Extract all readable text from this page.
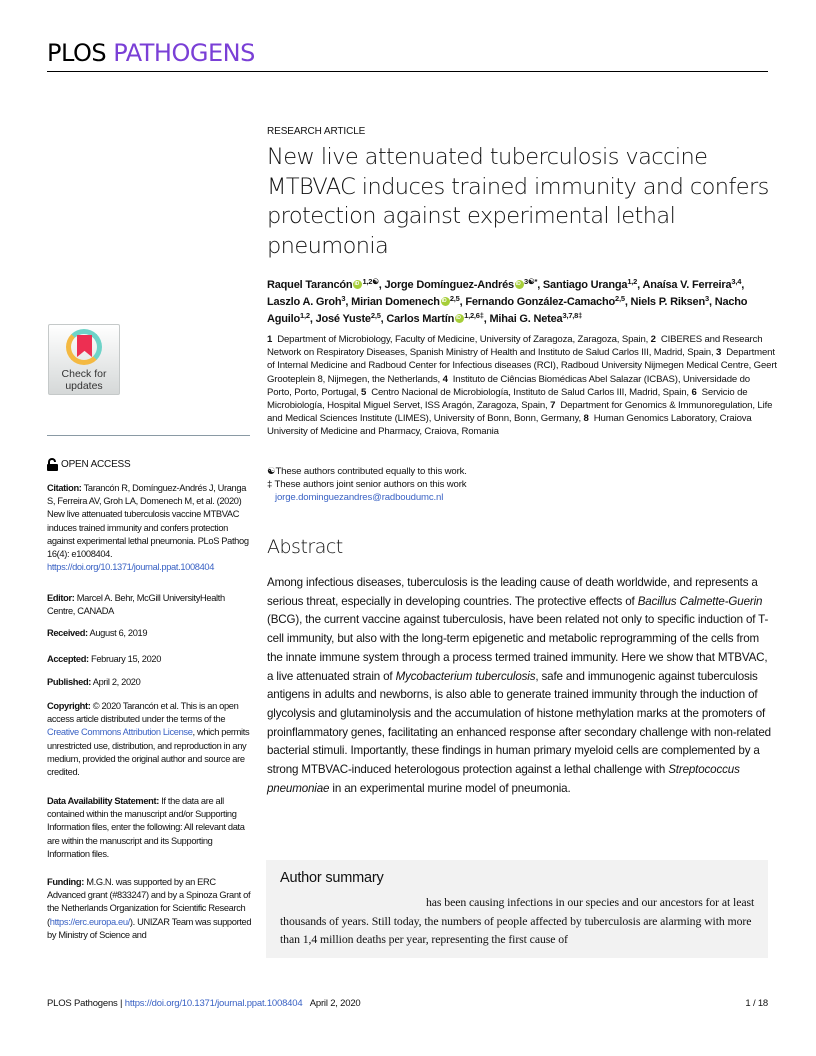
PLOS PATHOGENS
Check for updates
OPEN ACCESS
Citation: Tarancón R, Domínguez-Andrés J, Uranga S, Ferreira AV, Groh LA, Domenech M, et al. (2020) New live attenuated tuberculosis vaccine MTBVAC induces trained immunity and confers protection against experimental lethal pneumonia. PLoS Pathog 16(4): e1008404. https://doi.org/10.1371/journal.ppat.1008404
Editor: Marcel A. Behr, McGill UniversityHealth Centre, CANADA
Received: August 6, 2019
Accepted: February 15, 2020
Published: April 2, 2020
Copyright: © 2020 Tarancón et al. This is an open access article distributed under the terms of the Creative Commons Attribution License, which permits unrestricted use, distribution, and reproduction in any medium, provided the original author and source are credited.
Data Availability Statement: If the data are all contained within the manuscript and/or Supporting Information files, enter the following: All relevant data are within the manuscript and its Supporting Information files.
Funding: M.G.N. was supported by an ERC Advanced grant (#833247) and by a Spinoza Grant of the Netherlands Organization for Scientific Research (https://erc.europa.eu/). UNIZAR Team was supported by Ministry of Science and
RESEARCH ARTICLE
New live attenuated tuberculosis vaccine MTBVAC induces trained immunity and confers protection against experimental lethal pneumonia
Raquel Tarancón iD $^{1,2☯}$, Jorge Domínguez-Andrés iD $^{3☯*}$, Santiago Uranga$^{1,2}$, Anaísa V. Ferreira$^{3,4}$, Laszlo A. Groh$^3$, Mirian Domenech iD $^{2,5}$, Fernando González-Camacho$^{2,5}$, Niels P. Riksen$^3$, Nacho Aguilo$^{1,2}$, José Yuste$^{2,5}$, Carlos Martín iD $^{1,2,6\ddagger}$, Mihai G. Netea$^{3,7,8\ddagger}$
1 Department of Microbiology, Faculty of Medicine, University of Zaragoza, Zaragoza, Spain, 2 CIBERES and Research Network on Respiratory Diseases, Spanish Ministry of Health and Instituto de Salud Carlos III, Madrid, Spain, 3 Department of Internal Medicine and Radboud Center for Infectious diseases (RCI), Radboud University Nijmegen Medical Centre, Geert Grooteplein 8, Nijmegen, the Netherlands, 4 Instituto de Ciências Biomédicas Abel Salazar (ICBAS), Universidade do Porto, Porto, Portugal, 5 Centro Nacional de Microbiología, Instituto de Salud Carlos III, Madrid, Spain, 6 Servicio de Microbiología, Hospital Miguel Servet, ISS Aragón, Zaragoza, Spain, 7 Department for Genomics & Immunoregulation, Life and Medical Sciences Institute (LIMES), University of Bonn, Bonn, Germany, 8 Human Genomics Laboratory, Craiova University of Medicine and Pharmacy, Craiova, Romania
☯These authors contributed equally to this work.
‡ These authors joint senior authors on this work
jorge.dominguezandres@radboudumc.nl
Abstract

Among infectious diseases, tuberculosis is the leading cause of death worldwide, and represents a serious threat, especially in developing countries. The protective effects of Bacillus Calmette-Guerin (BCG), the current vaccine against tuberculosis, have been related not only to specific induction of T-cell immunity, but also with the long-term epigenetic and metabolic reprogramming of the cells from the innate immune system through a process termed trained immunity. Here we show that MTBVAC, a live attenuated strain of Mycobacterium tuberculosis, safe and immunogenic against tuberculosis antigens in adults and newborns, is also able to generate trained immunity through the induction of glycolysis and glutaminolysis and the accumulation of histone methylation marks at the promoters of proinflammatory genes, facilitating an enhanced response after secondary challenge with non-related bacterial stimuli. Importantly, these findings in human primary myeloid cells are complemented by a strong MTBVAC-induced heterologous protection against a lethal challenge with Streptococcus pneumoniae in an experimental murine model of pneumonia.

Author summary
has been causing infections in our species and our ancestors for at least thousands of years. Still today, the numbers of people affected by tuberculosis are alarming with more than 1,4 million deaths per year, representing the first cause of
PLOS Pathogens | https://doi.org/10.1371/journal.ppat.1008404 April 2, 2020	1 / 18
